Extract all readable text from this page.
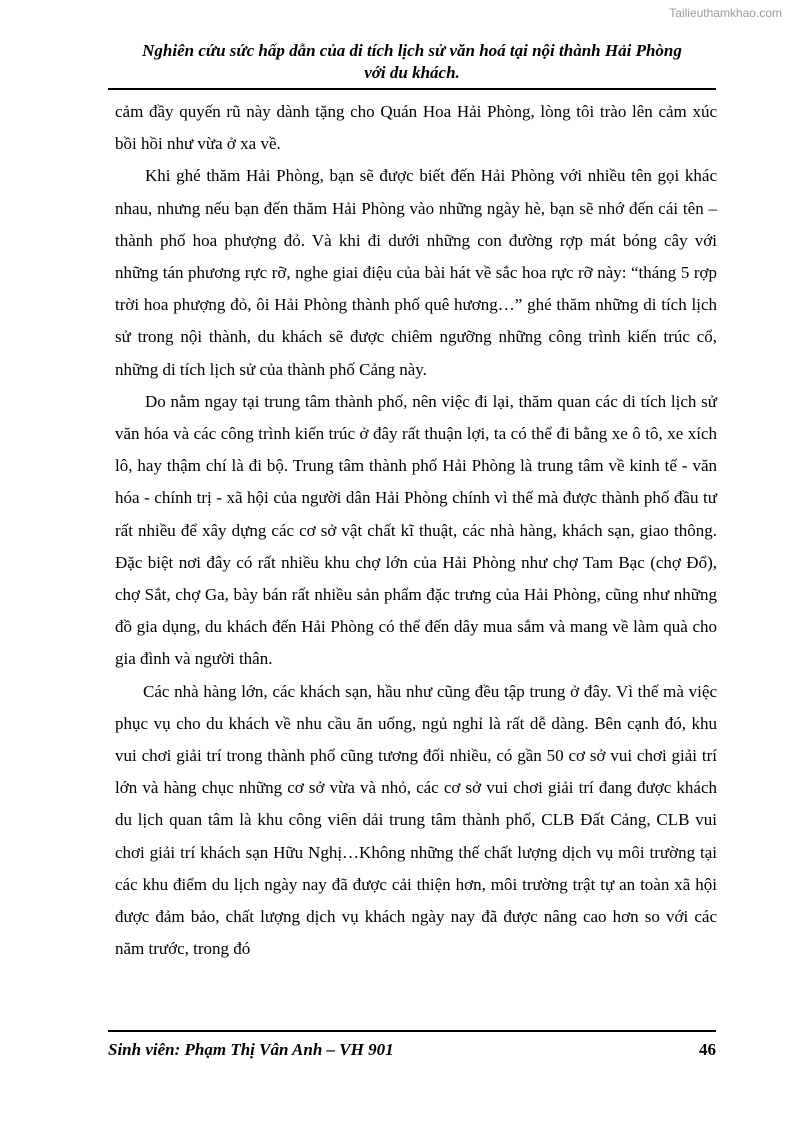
Tailieuthamkhao.com
Nghiên cứu sức hấp dẫn của di tích lịch sử văn hoá tại nội thành Hải Phòng
với du khách.

cảm đầy quyến rũ này dành tặng cho Quán Hoa Hải Phòng, lòng tôi trào lên cảm xúc bồi hồi như vừa ở xa về.

Khi ghé thăm Hải Phòng, bạn sẽ được biết đến Hải Phòng với nhiều tên gọi khác nhau, nhưng nếu bạn đến thăm Hải Phòng vào những ngày hè, bạn sẽ nhớ đến cái tên – thành phố hoa phượng đỏ. Và khi đi dưới những con đường rợp mát bóng cây với những tán phương rực rỡ, nghe giai điệu của bài hát về sắc hoa rực rỡ này: “tháng 5 rợp trời hoa phượng đỏ, ôi Hải Phòng thành phố quê hương…” ghé thăm những di tích lịch sử trong nội thành, du khách sẽ được chiêm ngưỡng những công trình kiến trúc cổ, những di tích lịch sử của thành phố Cảng này.

Do nằm ngay tại trung tâm thành phố, nên việc đi lại, thăm quan các di tích lịch sử văn hóa và các công trình kiến trúc ở đây rất thuận lợi, ta có thể đi bằng xe ô tô, xe xích lô, hay thậm chí là đi bộ. Trung tâm thành phố Hải Phòng là trung tâm về kinh tế - văn hóa - chính trị - xã hội của người dân Hải Phòng chính vì thế mà được thành phố đầu tư rất nhiều để xây dựng các cơ sở vật chất kĩ thuật, các nhà hàng, khách sạn, giao thông. Đặc biệt nơi đây có rất nhiều khu chợ lớn của Hải Phòng như chợ Tam Bạc (chợ Đổ), chợ Sắt, chợ Ga, bày bán rất nhiều sản phẩm đặc trưng của Hải Phòng, cũng như những đồ gia dụng, du khách đến Hải Phòng có thể đến dây mua sắm và mang về làm quà cho gia đình và người thân.

Các nhà hàng lớn, các khách sạn, hầu như cũng đều tập trung ở đây. Vì thế mà việc phục vụ cho du khách về nhu cầu ăn uống, ngủ nghỉ là rất dễ dàng. Bên cạnh đó, khu vui chơi giải trí trong thành phố cũng tương đối nhiều, có gần 50 cơ sở vui chơi giải trí lớn và hàng chục những cơ sở vừa và nhỏ, các cơ sở vui chơi giải trí đang được khách du lịch quan tâm là khu công viên dải trung tâm thành phố, CLB Đất Cảng, CLB vui chơi giải trí khách sạn Hữu Nghị…Không những thế chất lượng dịch vụ môi trường tại các khu điểm du lịch ngày nay đã được cải thiện hơn, môi trường trật tự an toàn xã hội được đảm bảo, chất lượng dịch vụ khách ngày nay đã được nâng cao hơn so với các năm trước, trong đó

Sinh viên: Phạm Thị Vân Anh – VH 901	46
